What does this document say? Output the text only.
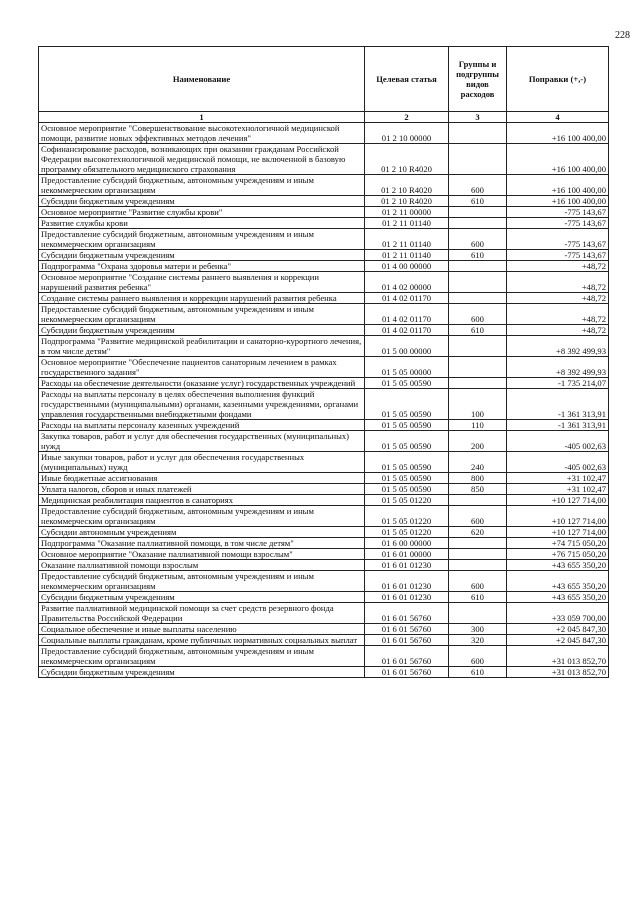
228
Наименование	Целевая статья	Группы и подгруппы видов расходов	Поправки (+,-)
1	2	3	4
Основное мероприятие "Совершенствование высокотехнологичной медицинской помощи, развитие новых эффективных методов лечения"	01 2 10 00000		+16 100 400,00
Софинансирование расходов, возникающих при оказании гражданам Российской Федерации высокотехнологичной медицинской помощи, не включенной в базовую программу обязательного медицинского страхования	01 2 10 R4020		+16 100 400,00
Предоставление субсидий бюджетным, автономным учреждениям и иным некоммерческим организациям	01 2 10 R4020	600	+16 100 400,00
Субсидии бюджетным учреждениям	01 2 10 R4020	610	+16 100 400,00
Основное мероприятие "Развитие службы крови"	01 2 11 00000		-775 143,67
Развитие службы крови	01 2 11 01140		-775 143,67
Предоставление субсидий бюджетным, автономным учреждениям и иным некоммерческим организациям	01 2 11 01140	600	-775 143,67
Субсидии бюджетным учреждениям	01 2 11 01140	610	-775 143,67
Подпрограмма "Охрана здоровья матери и ребенка"	01 4 00 00000		+48,72
Основное мероприятие "Создание системы раннего выявления и коррекции нарушений развития ребенка"	01 4 02 00000		+48,72
Создание системы раннего выявления и коррекции нарушений развития ребенка	01 4 02 01170		+48,72
Предоставление субсидий бюджетным, автономным учреждениям и иным некоммерческим организациям	01 4 02 01170	600	+48,72
Субсидии бюджетным учреждениям	01 4 02 01170	610	+48,72
Подпрограмма "Развитие медицинской реабилитации и санаторно-курортного лечения, в том числе детям"	01 5 00 00000		+8 392 499,93
Основное мероприятие "Обеспечение пациентов санаторным лечением в рамках государственного задания"	01 5 05 00000		+8 392 499,93
Расходы на обеспечение деятельности (оказание услуг) государственных учреждений	01 5 05 00590		-1 735 214,07
Расходы на выплаты персоналу в целях обеспечения выполнения функций государственными (муниципальными) органами, казенными учреждениями, органами управления государственными внебюджетными фондами	01 5 05 00590	100	-1 361 313,91
Расходы на выплаты персоналу казенных учреждений	01 5 05 00590	110	-1 361 313,91
Закупка товаров, работ и услуг для обеспечения государственных (муниципальных) нужд	01 5 05 00590	200	-405 002,63
Иные закупки товаров, работ и услуг для обеспечения государственных (муниципальных) нужд	01 5 05 00590	240	-405 002,63
Иные бюджетные ассигнования	01 5 05 00590	800	+31 102,47
Уплата налогов, сборов и иных платежей	01 5 05 00590	850	+31 102,47
Медицинская реабилитация пациентов в санаториях	01 5 05 01220		+10 127 714,00
Предоставление субсидий бюджетным, автономным учреждениям и иным некоммерческим организациям	01 5 05 01220	600	+10 127 714,00
Субсидии автономным учреждениям	01 5 05 01220	620	+10 127 714,00
Подпрограмма "Оказание паллиативной помощи, в том числе детям"	01 6 00 00000		+74 715 050,20
Основное мероприятие "Оказание паллиативной помощи взрослым"	01 6 01 00000		+76 715 050,20
Оказание паллиативной помощи взрослым	01 6 01 01230		+43 655 350,20
Предоставление субсидий бюджетным, автономным учреждениям и иным некоммерческим организациям	01 6 01 01230	600	+43 655 350,20
Субсидии бюджетным учреждениям	01 6 01 01230	610	+43 655 350,20
Развитие паллиативной медицинской помощи за счет средств резервного фонда Правительства Российской Федерации	01 6 01 56760		+33 059 700,00
Социальное обеспечение и иные выплаты населению	01 6 01 56760	300	+2 045 847,30
Социальные выплаты гражданам, кроме публичных нормативных социальных выплат	01 6 01 56760	320	+2 045 847,30
Предоставление субсидий бюджетным, автономным учреждениям и иным некоммерческим организациям	01 6 01 56760	600	+31 013 852,70
Субсидии бюджетным учреждениям	01 6 01 56760	610	+31 013 852,70
